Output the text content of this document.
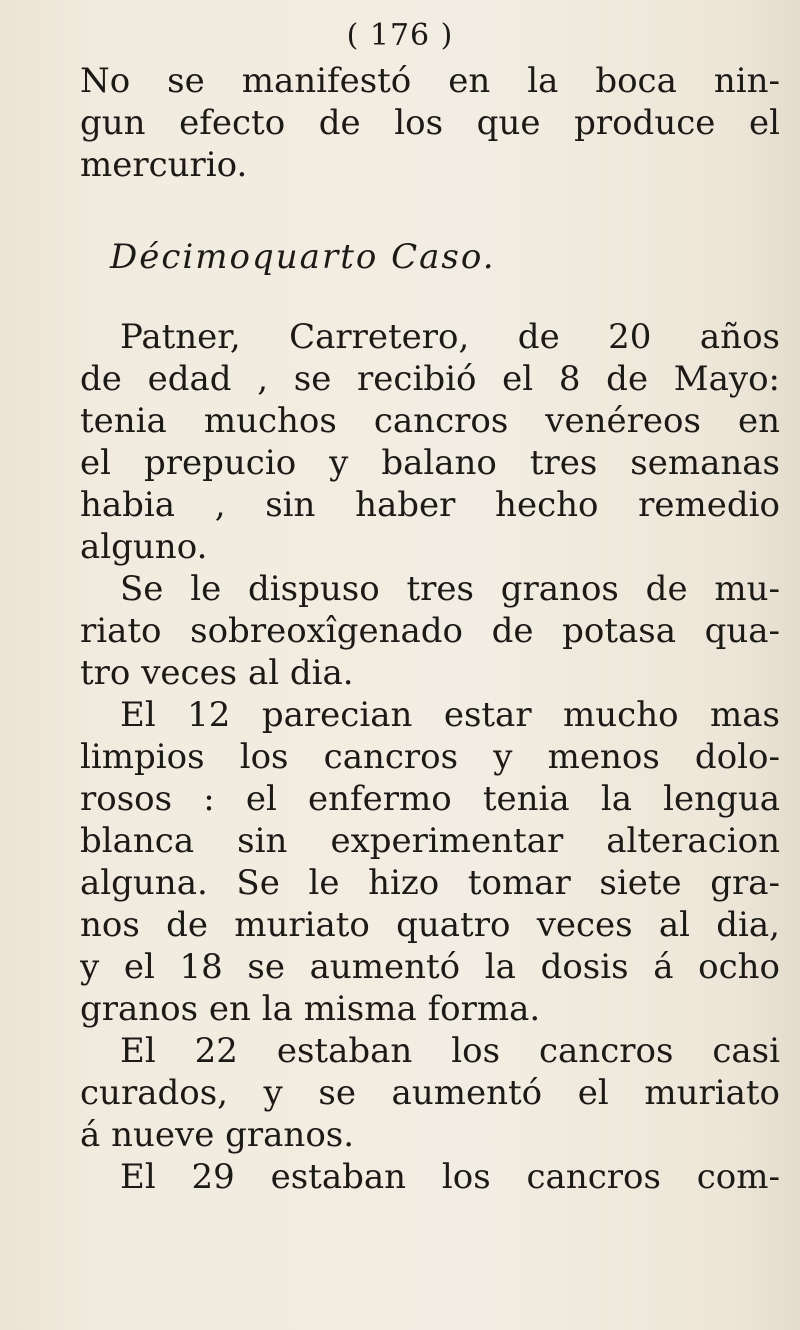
( 176 )
No se manifestó en la boca nin-
gun efecto de los que produce el
mercurio.
Décimoquarto Caso.
Patner, Carretero, de 20 años
de edad , se recibió el 8 de Mayo:
tenia muchos cancros venéreos en
el prepucio y balano tres semanas
habia , sin haber hecho remedio
alguno.
Se le dispuso tres granos de mu-
riato sobreoxîgenado de potasa qua-
tro veces al dia.
El 12 parecian estar mucho mas
limpios los cancros y menos dolo-
rosos : el enfermo tenia la lengua
blanca sin experimentar alteracion
alguna. Se le hizo tomar siete gra-
nos de muriato quatro veces al dia,
y el 18 se aumentó la dosis á ocho
granos en la misma forma.
El 22 estaban los cancros casi
curados, y se aumentó el muriato
á nueve granos.
El 29 estaban los cancros com-
